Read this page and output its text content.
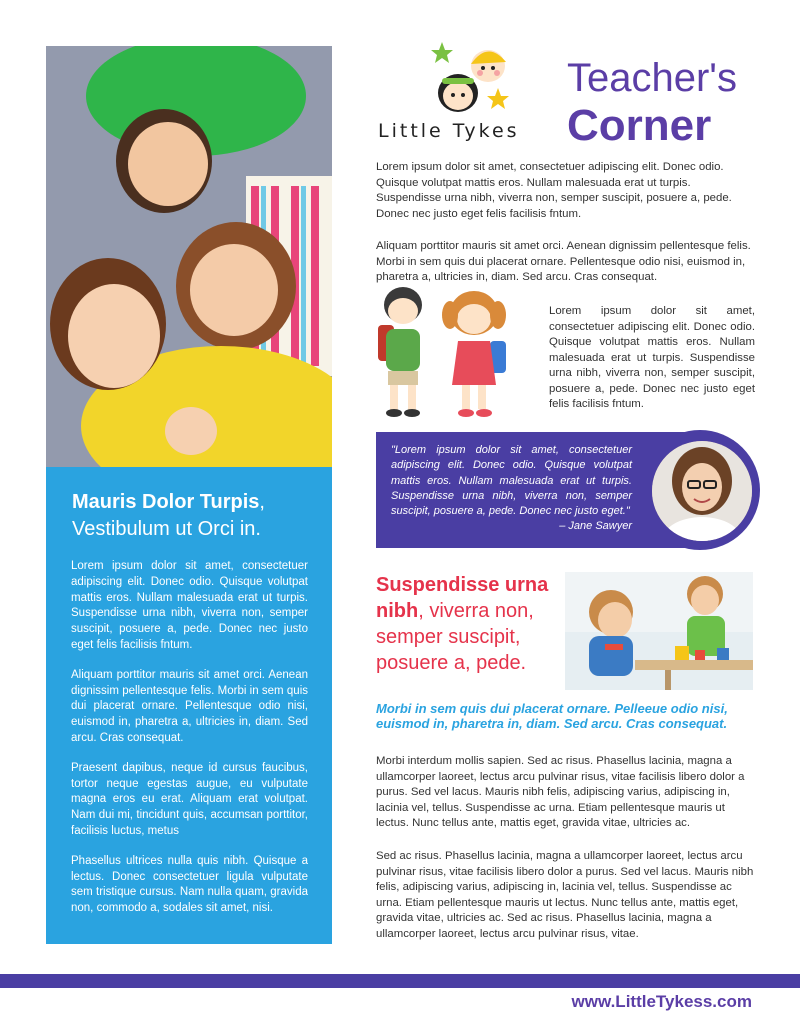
Mauris Dolor Turpis,
Vestibulum ut Orci in.

Lorem ipsum dolor sit amet, consectetuer adipiscing elit. Donec odio. Quisque volutpat mattis eros. Nullam malesuada erat ut turpis. Suspendisse urna nibh, viverra non, semper suscipit, posuere a, pede. Donec nec justo eget felis facilisis fntum.

Aliquam porttitor mauris sit amet orci. Aenean dignissim pellentesque felis. Morbi in sem quis dui placerat ornare. Pellentesque odio nisi, euismod in, pharetra a, ultricies in, diam. Sed arcu. Cras consequat.

Praesent dapibus, neque id cursus faucibus, tortor neque egestas augue, eu vulputate magna eros eu erat. Aliquam erat volutpat. Nam dui mi, tincidunt quis, accumsan porttitor, facilisis luctus, metus

Phasellus ultrices nulla quis nibh. Quisque a lectus. Donec consectetuer ligula vulputate sem tristique cursus. Nam nulla quam, gravida non, commodo a, sodales sit amet, nisi.

Little Tykes
Teacher's
Corner

Lorem ipsum dolor sit amet, consectetuer adipiscing elit. Donec odio. Quisque volutpat mattis eros. Nullam malesuada erat ut turpis. Suspendisse urna nibh, viverra non, semper suscipit, posuere a, pede. Donec nec justo eget felis facilisis fntum.

Aliquam porttitor mauris sit amet orci. Aenean dignissim pellentesque felis. Morbi in sem quis dui placerat ornare. Pellentesque odio nisi, euismod in, pharetra a, ultricies in, diam. Sed arcu. Cras consequat.

Lorem ipsum dolor sit amet, consectetuer adipiscing elit. Donec odio. Quisque volutpat mattis eros. Nullam malesuada erat ut turpis. Suspendisse urna nibh, viverra non, semper suscipit, posuere a, pede. Donec nec justo eget felis facilisis fntum.

"Lorem ipsum dolor sit amet, consectetuer adipiscing elit. Donec odio. Quisque volutpat mattis eros. Nullam malesuada erat ut turpis. Suspendisse urna nibh, viverra non, semper suscipit, posuere a, pede. Donec nec justo eget."
– Jane Sawyer

Suspendisse urna nibh, viverra non, semper suscipit, posuere a, pede.

Morbi in sem quis dui placerat ornare. Pelleeue odio nisi, euismod in, pharetra in, diam. Sed arcu. Cras consequat.

Morbi interdum mollis sapien. Sed ac risus. Phasellus lacinia, magna a ullamcorper laoreet, lectus arcu pulvinar risus, vitae facilisis libero dolor a purus. Sed vel lacus. Mauris nibh felis, adipiscing varius, adipiscing in, lacinia vel, tellus. Suspendisse ac urna. Etiam pellentesque mauris ut lectus. Nunc tellus ante, mattis eget, gravida vitae, ultricies ac.

Sed ac risus. Phasellus lacinia, magna a ullamcorper laoreet, lectus arcu pulvinar risus, vitae facilisis libero dolor a purus. Sed vel lacus. Mauris nibh felis, adipiscing varius, adipiscing in, lacinia vel, tellus. Suspendisse ac urna. Etiam pellentesque mauris ut lectus. Nunc tellus ante, mattis eget, gravida vitae, ultricies ac. Sed ac risus. Phasellus lacinia, magna a ullamcorper laoreet, lectus arcu pulvinar risus, vitae.

www.LittleTykess.com
